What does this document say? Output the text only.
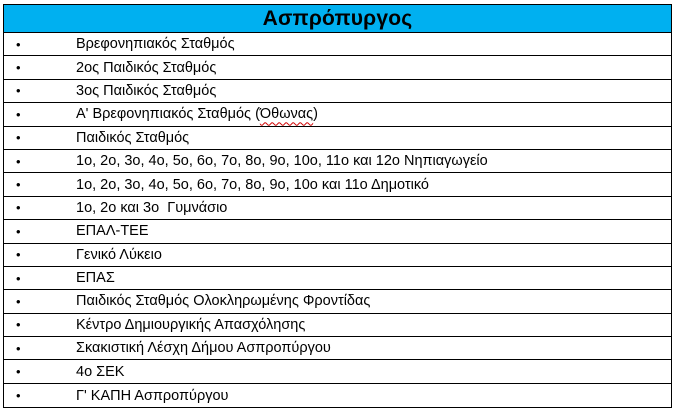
Ασπρόπυργος
•	Βρεφονηπιακός Σταθμός
•	2ος Παιδικός Σταθμός
•	3ος Παιδικός Σταθμός
•	Α' Βρεφονηπιακός Σταθμός ( Όθωνας )
•	Παιδικός Σταθμός
•	1ο, 2ο, 3ο, 4ο, 5ο, 6ο, 7ο, 8ο, 9ο, 10ο, 11ο και 12ο Νηπιαγωγείο
•	1ο, 2ο, 3ο, 4ο, 5ο, 6ο, 7ο, 8ο, 9ο, 10ο και 11ο Δημοτικό
•	1ο, 2ο και 3ο  Γυμνάσιο
•	ΕΠΑΛ-ΤΕΕ
•	Γενικό Λύκειο
•	ΕΠΑΣ
•	Παιδικός Σταθμός Ολοκληρωμένης Φροντίδας
•	Κέντρο Δημιουργικής Απασχόλησης
•	Σκακιστική Λέσχη Δήμου Ασπροπύργου
•	4ο ΣΕΚ
•	Γ' ΚΑΠΗ Ασπροπύργου
